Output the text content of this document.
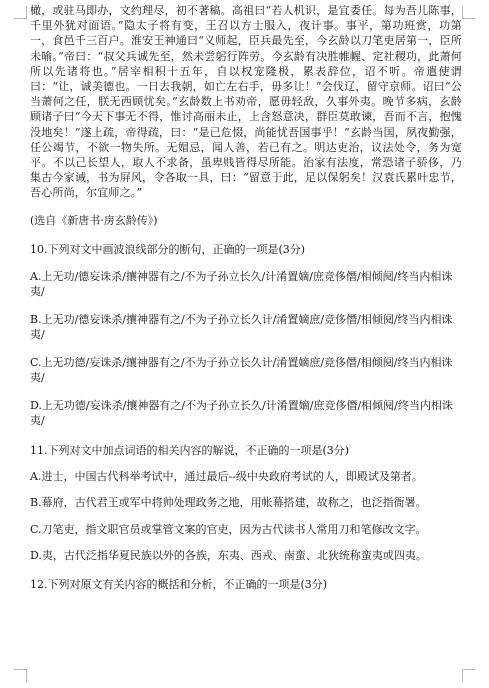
橄，或驻马即办，文约理尽，初不著稿。高祖曰“若人机识，是宜委任。每为吾儿陈事，千里外犹对面语。”隐太子将有变，王召以方士服入，夜计事。事平，第功班赏，功第一，食邑千三百户。淮安王神通曰“义师起，臣兵最先至，今玄龄以刀笔吏居第一，臣所未喻。”帝曰：“叔父兵诚先至，然未尝躬行阵劳。今玄龄有决胜帷幄、定社稷功，此萧何所以先诸将也。”居宰相积十五年，自以权宠隆极，累表辞位，诏不听。帝遣使谓曰：“让，诚美德也。一日去我朝，如亡左右手，毋多让！”会伐辽，留守京师。诏曰“公当萧何之任，朕无西顾忧矣。”玄龄数上书劝帝，愿毋轻敌，久事外夷。晚节多病，玄龄顾诸子曰“今天下事无不得，惟讨高丽未止，上含怒意决，群臣莫敢谏，吾而不言，抱愧没地矣！”遂上疏，帝得疏，曰：“是已危惙，尚能忧吾国事乎！”玄龄当国，夙夜勤强，任公竭节，不欲一物失所。无媢忌，闻人善，若已有之。明达吏治，议法处令，务为宽平。不以己长望人，取人不求备，虽卑贱皆得尽所能。治家有法度，常恐诸子骄侈，乃集古今家诫，书为屏风，令各取一具，曰：“留意于此，足以保躬矣！汉袁氏累叶忠节，吾心所尚，尔宜师之。”

(选自《新唐书·房玄龄传》)

10.下列对文中画波浪线部分的断句，正确的一项是(3分)

A.上无功/德妄诛杀/攘神器有之/不为子孙立长久/计淆置嫡/庶竞侈僭/相倾阋/终当内相诛夷/

B.上无功/德妄诛杀/攘神器有之/不为子孙立长久计/淆置嫡庶/竞侈僭/相倾阋/终当内相诛夷/

C.上无功德/妄诛杀/攘神器有之/不为子孙立长久计/淆置嫡庶/竞侈僭/相倾阋/终当内相诛夷/

D.上无功德/妄诛杀/攘神器有之/不为子孙立长久/计淆置嫡/庶竞侈僭/相倾阋/终当内相诛夷/

11.下列对文中加点词语的相关内容的解说，不正确的一项是(3分)

A.进士，中国古代科举考试中，通过最后--级中央政府考试的人，即殿试及第者。

B.幕府，古代君王或军中将帅处理政务之地，用帐幕搭建，故称之，也泛指衙署。

C.刀笔吏，指文职官员或掌管文案的官吏，因为古代读书人常用刀和笔修改文字。

D.夷，古代泛指华夏民族以外的各族，东夷、西戎、南蛮、北狄统称蛮夷或四夷。

12.下列对原文有关内容的概括和分析，不正确的一项是(3分)
